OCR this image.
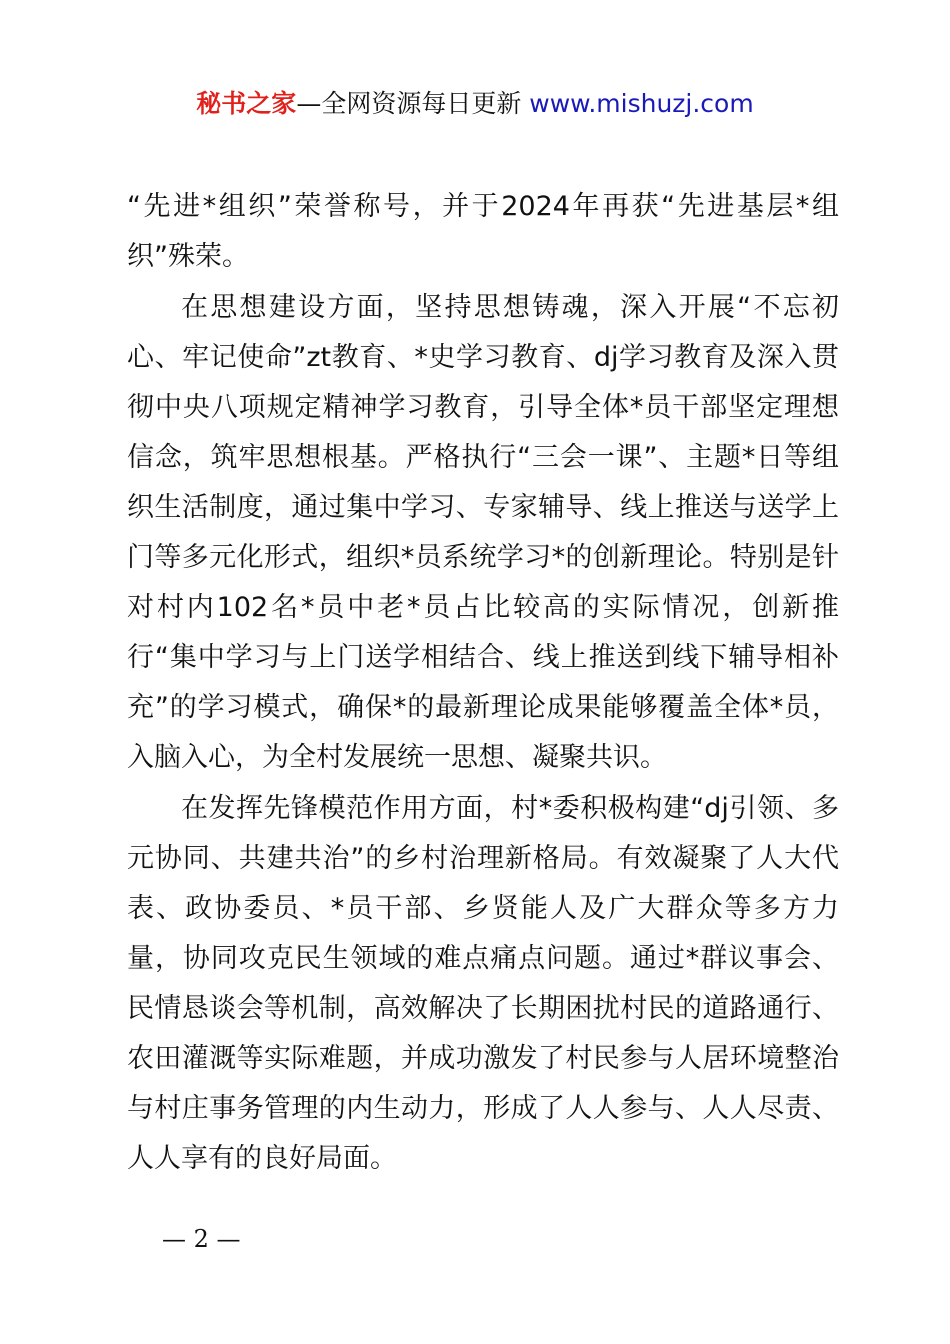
秘书之家—全网资源每日更新 www.mishuzj.com

“先进*组织”荣誉称号，并于2024年再获“先进基层*组织”殊荣。

在思想建设方面，坚持思想铸魂，深入开展“不忘初心、牢记使命”zt教育、*史学习教育、dj学习教育及深入贯彻中央八项规定精神学习教育，引导全体*员干部坚定理想信念，筑牢思想根基。严格执行“三会一课”、主题*日等组织生活制度，通过集中学习、专家辅导、线上推送与送学上门等多元化形式，组织*员系统学习*的创新理论。特别是针对村内102名*员中老*员占比较高的实际情况，创新推行“集中学习与上门送学相结合、线上推送到线下辅导相补充”的学习模式，确保*的最新理论成果能够覆盖全体*员，入脑入心，为全村发展统一思想、凝聚共识。

在发挥先锋模范作用方面，村*委积极构建“dj引领、多元协同、共建共治”的乡村治理新格局。有效凝聚了人大代表、政协委员、*员干部、乡贤能人及广大群众等多方力量，协同攻克民生领域的难点痛点问题。通过*群议事会、民情恳谈会等机制，高效解决了长期困扰村民的道路通行、农田灌溉等实际难题，并成功激发了村民参与人居环境整治与村庄事务管理的内生动力，形成了人人参与、人人尽责、人人享有的良好局面。

— 2 —
